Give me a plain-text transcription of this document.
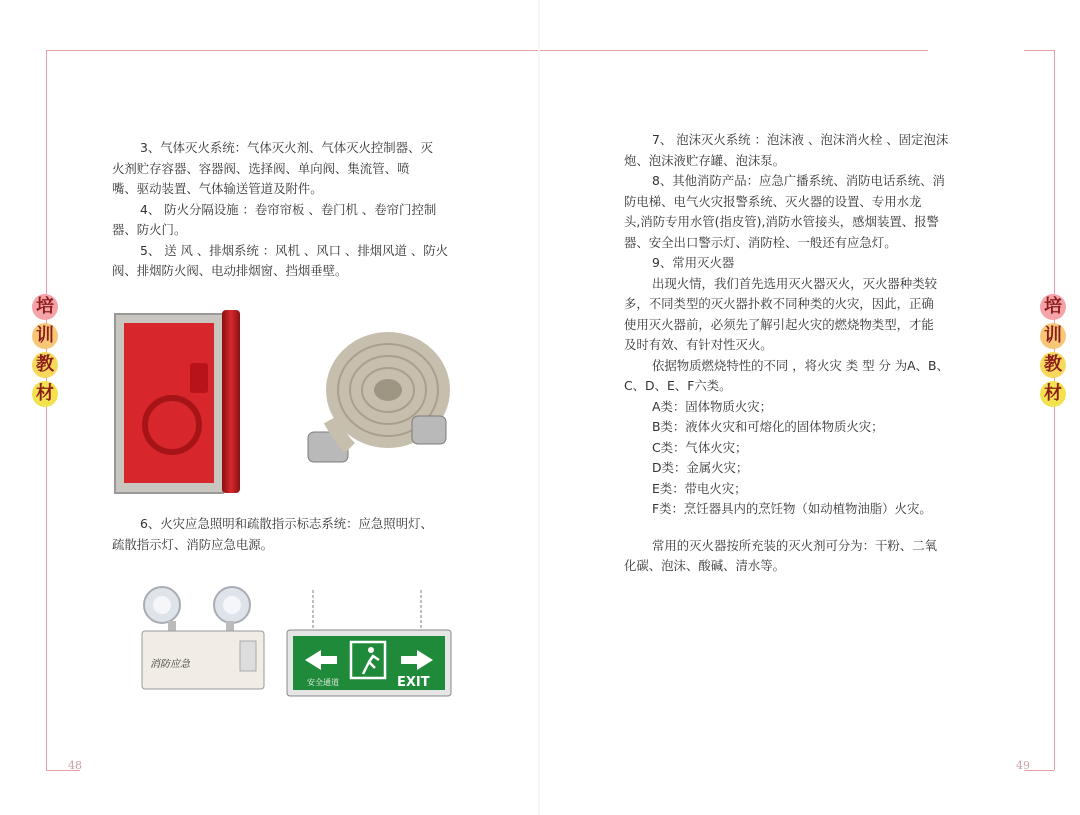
48
培
训
教
材

3、气体灭火系统：气体灭火剂、气体灭火控制器、灭

火剂贮存容器、容器阀、选择阀、单向阀、集流管、喷

嘴、驱动装置、气体输送管道及附件。

4、 防火分隔设施 ：卷帘帘板 、卷门机 、卷帘门控制

器、防火门。

5、 送 风 、排烟系统 ：风机 、风口 、排烟风道 、防火

阀、排烟防火阀、电动排烟窗、挡烟垂壁。

6、火灾应急照明和疏散指示标志系统：应急照明灯、

疏散指示灯、消防应急电源。

消防应急
安全通道	EXIT
49
培
训
教
材

7、 泡沫灭火系统 ：泡沫液 、泡沫消火栓 、固定泡沫

炮、泡沫液贮存罐、泡沫泵。

8、其他消防产品：应急广播系统、消防电话系统、消

防电梯、电气火灾报警系统、灭火器的设置、专用水龙

头,消防专用水管(指皮管),消防水管接头，感烟装置、报警

器、安全出口警示灯、消防栓、一般还有应急灯。

9、常用灭火器

出现火情，我们首先选用灭火器灭火，灭火器种类较

多，不同类型的灭火器扑救不同种类的火灾，因此，正确

使用灭火器前，必须先了解引起火灾的燃烧物类型，才能

及时有效、有针对性灭火。

依据物质燃烧特性的不同 ，将火灾 类 型 分 为A、B、

C、D、E、F六类。

A类：固体物质火灾；

B类：液体火灾和可熔化的固体物质火灾；

C类：气体火灾；

D类：金属火灾；

E类：带电火灾；

F类：烹饪器具内的烹饪物（如动植物油脂）火灾。

常用的灭火器按所充装的灭火剂可分为：干粉、二氧

化碳、泡沫、酸碱、清水等。
